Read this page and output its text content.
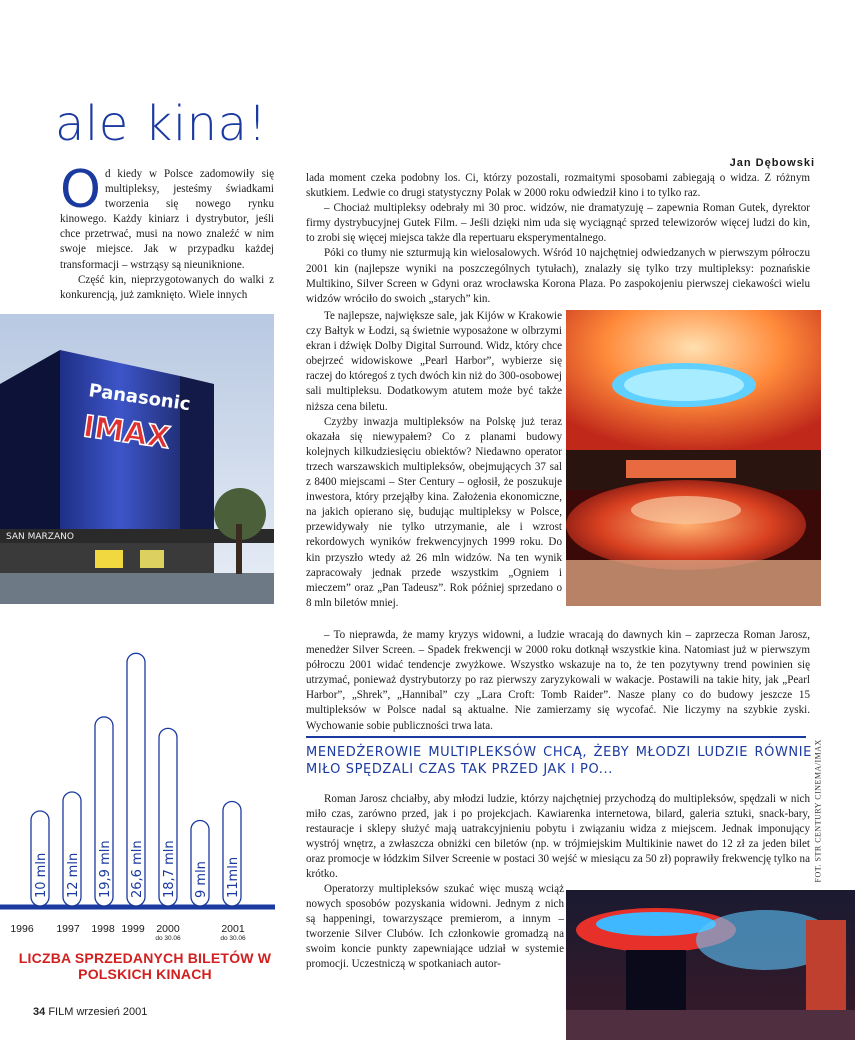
ale kina!
Od kiedy w Polsce zadomowiły się multipleksy, jesteśmy świadkami tworzenia się nowego rynku kinowego. Każdy kiniarz i dystrybutor, jeśli chce przetrwać, musi na nowo znaleźć w nim swoje miejsce. Jak w przypadku każdej transformacji – wstrząsy są nieuniknione.
Część kin, nieprzygotowanych do walki z konkurencją, już zamknięto. Wiele innych
Jan Dębowski
lada moment czeka podobny los. Ci, którzy pozostali, rozmaitymi sposobami zabiegają o widza. Z różnym skutkiem. Ledwie co drugi statystyczny Polak w 2000 roku odwiedził kino i to tylko raz.
– Chociaż multipleksy odebrały mi 30 proc. widzów, nie dramatyzuję – zapewnia Roman Gutek, dyrektor firmy dystrybucyjnej Gutek Film. – Jeśli dzięki nim uda się wyciągnąć sprzed telewizorów więcej ludzi do kin, to zrobi się więcej miejsca także dla repertuaru eksperymentalnego.
Póki co tłumy nie szturmują kin wielosalowych. Wśród 10 najchętniej odwiedzanych w pierwszym półroczu 2001 kin (najlepsze wyniki na poszczególnych tytułach), znalazły się tylko trzy multipleksy: poznańskie Multikino, Silver Screen w Gdyni oraz wrocławska Korona Plaza. Po zaspokojeniu pierwszej ciekawości wielu widzów wróciło do swoich „starych” kin.
Te najlepsze, największe sale, jak Kijów w Krakowie czy Bałtyk w Łodzi, są świetnie wyposażone w olbrzymi ekran i dźwięk Dolby Digital Surround. Widz, który chce obejrzeć widowiskowe „Pearl Harbor”, wybierze się raczej do któregoś z tych dwóch kin niż do 300-osobowej sali multipleksu. Dodatkowym atutem może być także niższa cena biletu.
Czyżby inwazja multipleksów na Polskę już teraz okazała się niewypałem? Co z planami budowy kolejnych kilkudziesięciu obiektów? Niedawno operator trzech warszawskich multipleksów, obejmujących 37 sal z 8400 miejscami – Ster Century – ogłosił, że poszukuje inwestora, który przejąłby kina. Założenia ekonomiczne, na jakich opierano się, budując multipleksy w Polsce, przewidywały nie tylko utrzymanie, ale i wzrost rekordowych wyników frekwencyjnych 1999 roku. Do kin przyszło wtedy aż 26 mln widzów. Na ten wynik zapracowały jednak przede wszystkim „Ogniem i mieczem” oraz „Pan Tadeusz”. Rok później sprzedano o 8 mln biletów mniej.
– To nieprawda, że mamy kryzys widowni, a ludzie wracają do dawnych kin – zaprzecza Roman Jarosz, menedżer Silver Screen. – Spadek frekwencji w 2000 roku dotknął wszystkie kina. Natomiast już w pierwszym półroczu 2001 widać tendencje zwyżkowe. Wszystko wskazuje na to, że ten pozytywny trend powinien się utrzymać, ponieważ dystrybutorzy po raz pierwszy zaryzykowali w wakacje. Postawili na takie hity, jak „Pearl Harbor”, „Shrek”, „Hannibal” czy „Lara Croft: Tomb Raider”. Nasze plany co do budowy jeszcze 15 multipleksów w Polsce nadal są aktualne. Nie zamierzamy się wycofać. Nie liczymy na szybkie zyski. Wychowanie sobie publiczności trwa lata.
MENEDŻEROWIE MULTIPLEKSÓW CHCĄ, ŻEBY MŁODZI LUDZIE RÓWNIE MIŁO SPĘDZALI CZAS TAK PRZED JAK I PO...
Roman Jarosz chciałby, aby młodzi ludzie, którzy najchętniej przychodzą do multipleksów, spędzali w nich miło czas, zarówno przed, jak i po projekcjach. Kawiarenka internetowa, bilard, galeria sztuki, snack-bary, restauracje i sklepy służyć mają uatrakcyjnieniu pobytu i związaniu widza z miejscem. Jednak imponujący wystrój wnętrz, a zwłaszcza obniżki cen biletów (np. w trójmiejskim Multikinie nawet do 12 zł za jeden bilet oraz promocje w łódzkim Silver Screenie w postaci 30 wejść w miesiącu za 50 zł) poprawiły frekwencję tylko na krótko.
Operatorzy multipleksów szukać więc muszą wciąż nowych sposobów pozyskania widowni. Jednym z nich są happeningi, towarzyszące premierom, a innym – tworzenie Silver Clubów. Ich członkowie gromadzą na swoim koncie punkty zapewniające udział w systemie promocji. Uczestniczą w spotkaniach autor-
Panasonic
IMAX
SAN MARZANO
FOT. STR CENTURY CINEMA/IMAX
10 mln 12 mln 19,9 mln 26,6 mln 18,7 mln 9 mln 11mln
1996 1997 1998 1999 2000
do 30.06
2001
do 30.06
LICZBA SPRZEDANYCH BILETÓW W POLSKICH KINACH
34 FILM wrzesień 2001
